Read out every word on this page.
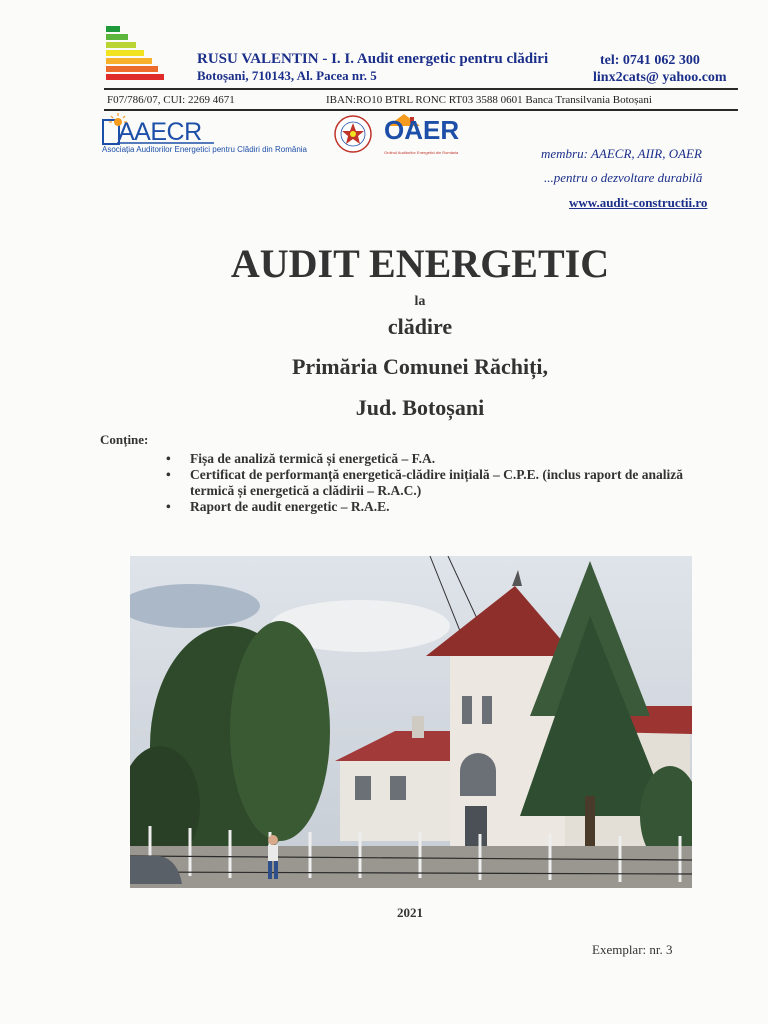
RUSU VALENTIN - I. I. Audit energetic pentru clădiri
Botoșani, 710143, Al. Pacea nr. 5
tel: 0741 062 300
linx2cats@ yahoo.com
F07/786/07, CUI: 2269 4671	IBAN:RO10 BTRL RONC RT03 3588 0601 Banca Transilvania Botoșani
AAECR
Asociația Auditorilor Energetici pentru Clădiri din România
OAER
Ordinul Auditorilor Energetici din România	membru: AAECR, AIIR, OAER
...pentru o dezvoltare durabilă
www.audit-constructii.ro
AUDIT ENERGETIC
la
clădire
Primăria Comunei Răchiți,
Jud. Botoșani
Conține:
• Fișa de analiză termică și energetică – F.A.
• Certificat de performanță energetică-clădire inițială – C.P.E. (inclus raport de analiză termică și energetică a clădirii – R.A.C.)
• Raport de audit energetic – R.A.E.
2021
Exemplar: nr. 3
